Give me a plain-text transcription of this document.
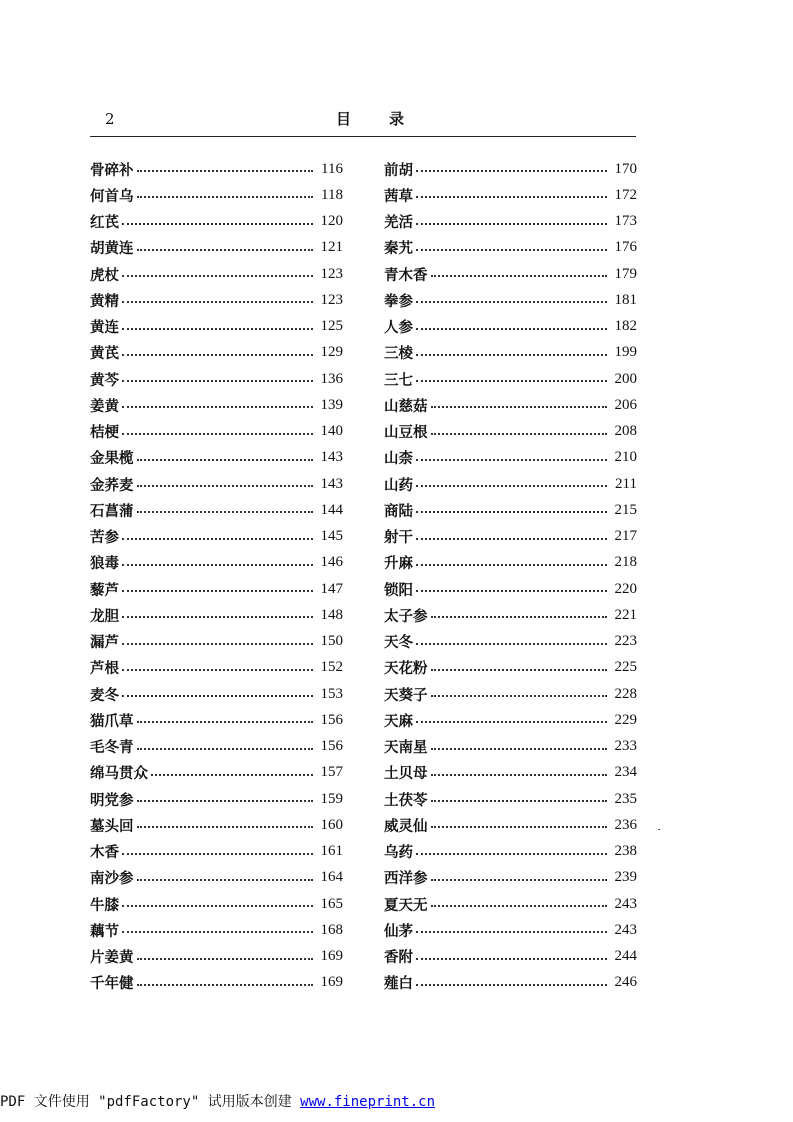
2	目录
骨碎补	116
何首乌	118
红芪	120
胡黄连	121
虎杖	123
黄精	123
黄连	125
黄芪	129
黄芩	136
姜黄	139
桔梗	140
金果榄	143
金荞麦	143
石菖蒲	144
苦参	145
狼毒	146
藜芦	147
龙胆	148
漏芦	150
芦根	152
麦冬	153
猫爪草	156
毛冬青	156
绵马贯众	157
明党参	159
墓头回	160
木香	161
南沙参	164
牛膝	165
藕节	168
片姜黄	169
千年健	169
前胡	170
茜草	172
羌活	173
秦艽	176
青木香	179
拳参	181
人参	182
三棱	199
三七	200
山慈菇	206
山豆根	208
山柰	210
山药	211
商陆	215
射干	217
升麻	218
锁阳	220
太子参	221
天冬	223
天花粉	225
天葵子	228
天麻	229
天南星	233
土贝母	234
土茯苓	235
威灵仙	236
乌药	238
西洋参	239
夏天无	243
仙茅	243
香附	244
薤白	246
PDF 文件使用 "pdfFactory" 试用版本创建 www.fineprint.cn
